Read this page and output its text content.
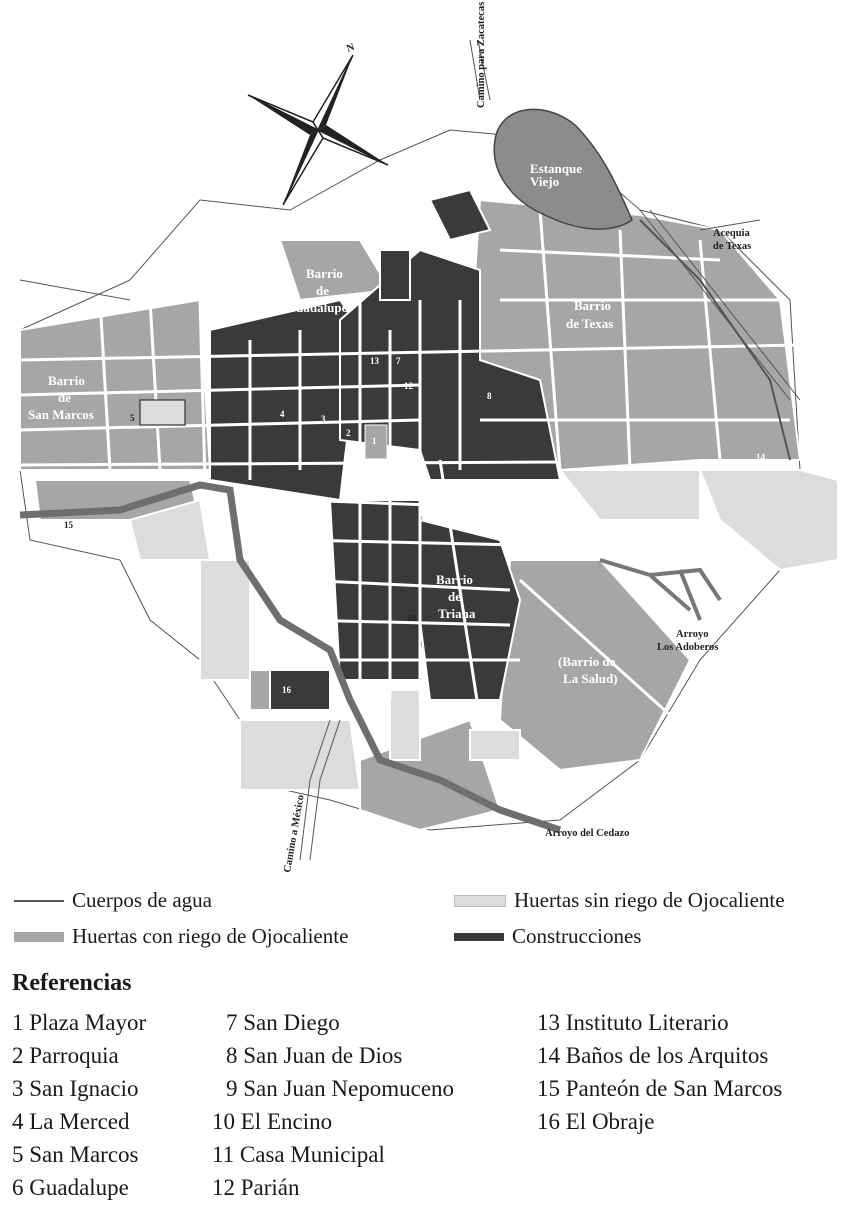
N
Estanque
Viejo
Camino para Zacatecas
Acequia
de Texas
Barrio
de
Guadalupe	Barrio
de Texas
Barrio
de
San Marcos
Barrio
de
Triana
(Barrio de
La Salud)
Arroyo
Los Adoberos
Arroyo del Cedazo
Camino a México
1
2
3
4
5
6
7
8
9
10
11
12
13
14
15
16
Cuerpos de agua	Huertas sin riego de Ojocaliente
Huertas con riego de Ojocaliente	Construcciones
Referencias
1 Plaza Mayor
2 Parroquia
3 San Ignacio
4 La Merced
5 San Marcos
6 Guadalupe
7 San Diego
8 San Juan de Dios
9 San Juan Nepomuceno
10 El Encino
11 Casa Municipal
12 Parián
13 Instituto Literario
14 Baños de los Arquitos
15 Panteón de San Marcos
16 El Obraje
